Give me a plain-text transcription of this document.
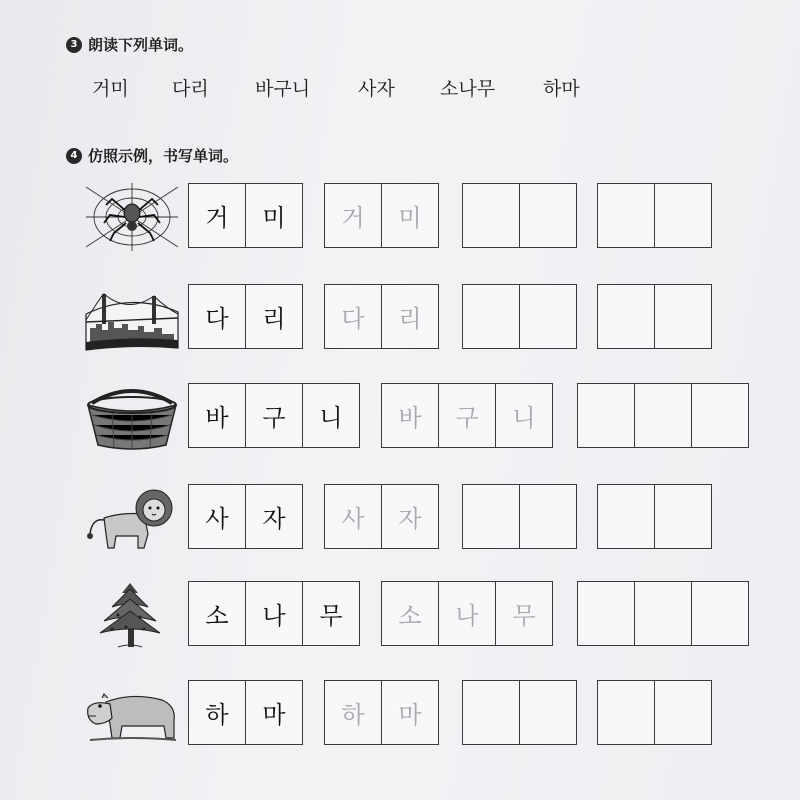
3 朗读下列单词。
거미 다리 바구니	사자 소나무	하마
4 仿照示例，书写单词。
거	미	거	미
다	리	다	리
바	구	니	바	구	니
사	자	사	자
소	나	무	소	나	무
하	마	하	마
